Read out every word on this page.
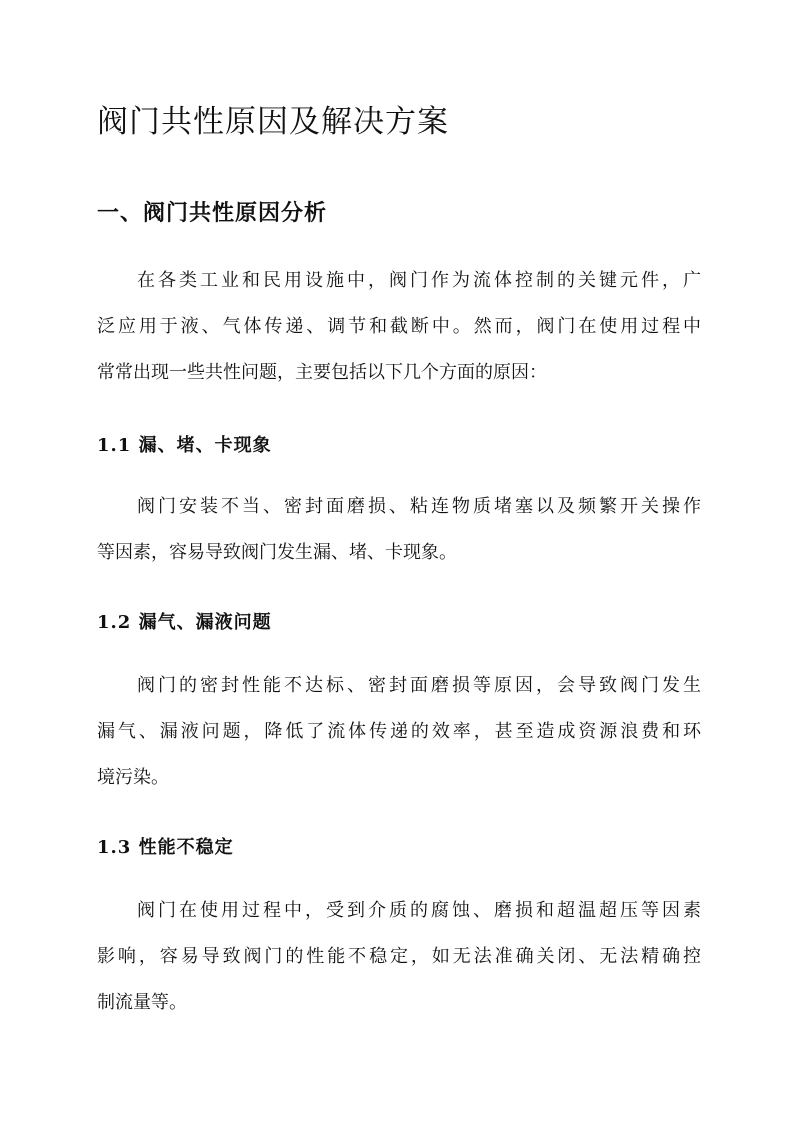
阀门共性原因及解决方案
一、阀门共性原因分析
在各类工业和民用设施中，阀门作为流体控制的关键元件，广
泛应用于液、气体传递、调节和截断中。然而，阀门在使用过程中
常常出现一些共性问题，主要包括以下几个方面的原因：
1.1 漏、堵、卡现象
阀门安装不当、密封面磨损、粘连物质堵塞以及频繁开关操作
等因素，容易导致阀门发生漏、堵、卡现象。
1.2 漏气、漏液问题
阀门的密封性能不达标、密封面磨损等原因，会导致阀门发生
漏气、漏液问题，降低了流体传递的效率，甚至造成资源浪费和环
境污染。
1.3 性能不稳定
阀门在使用过程中，受到介质的腐蚀、磨损和超温超压等因素
影响，容易导致阀门的性能不稳定，如无法准确关闭、无法精确控
制流量等。
